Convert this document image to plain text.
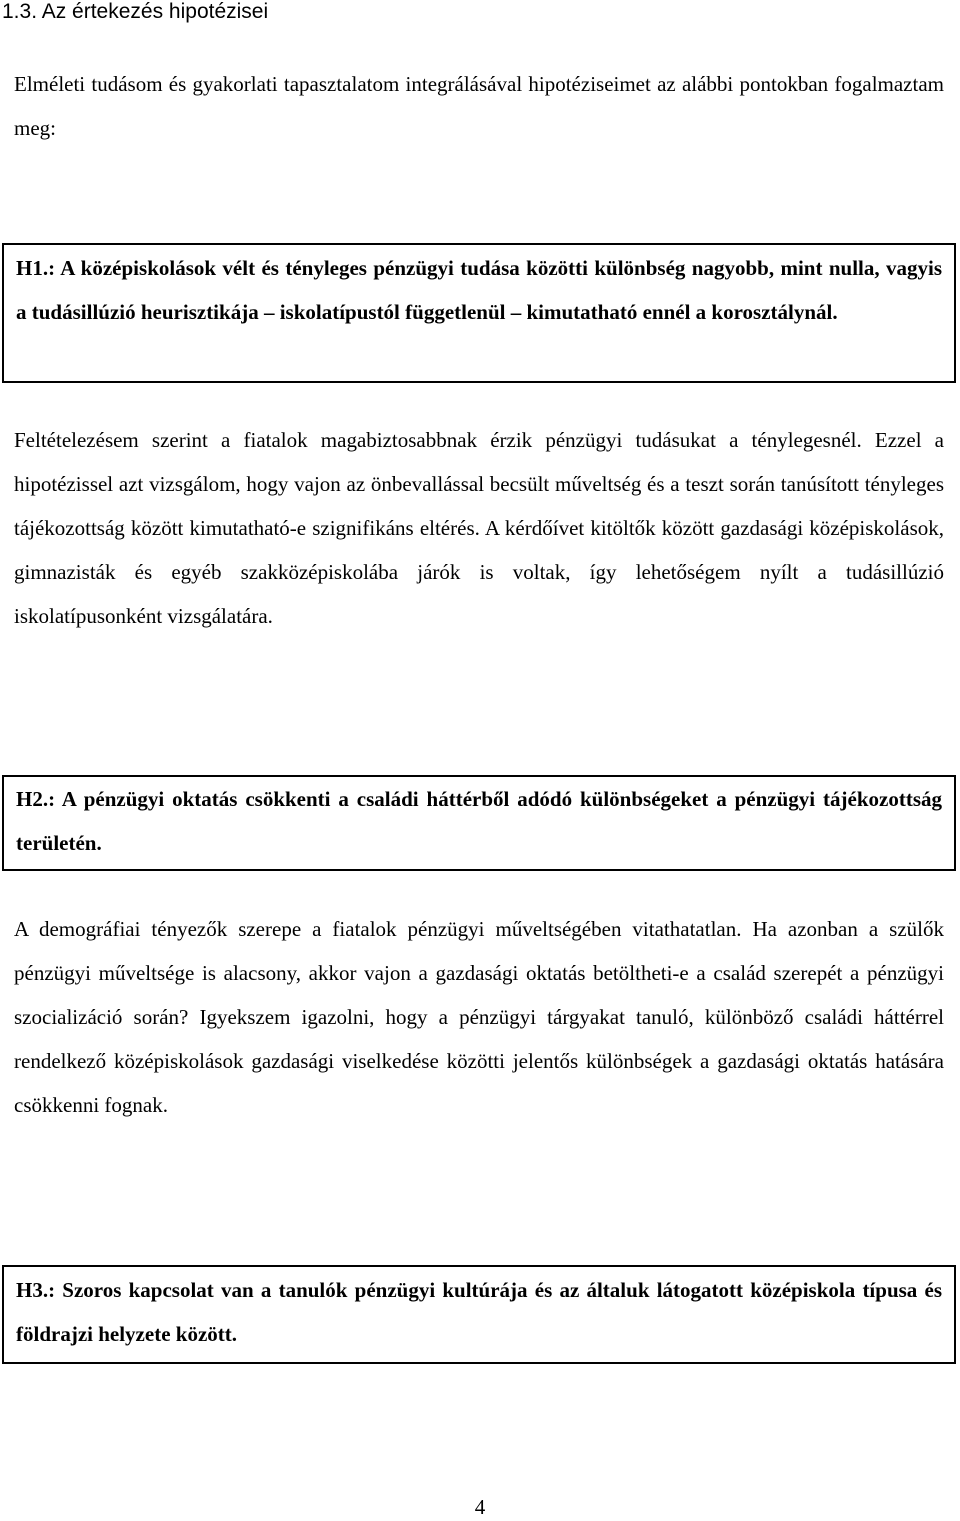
1.3. Az értekezés hipotézisei

Elméleti tudásom és gyakorlati tapasztalatom integrálásával hipotéziseimet az alábbi pontokban fogalmaztam meg:

H1.: A középiskolások vélt és tényleges pénzügyi tudása közötti különbség nagyobb, mint nulla, vagyis a tudásillúzió heurisztikája – iskolatípustól függetlenül – kimutatható ennél a korosztálynál.

Feltételezésem szerint a fiatalok magabiztosabbnak érzik pénzügyi tudásukat a ténylegesnél. Ezzel a hipotézissel azt vizsgálom, hogy vajon az önbevallással becsült műveltség és a teszt során tanúsított tényleges tájékozottság között kimutatható-e szignifikáns eltérés. A kérdőívet kitöltők között gazdasági középiskolások, gimnazisták és egyéb szakközépiskolába járók is voltak, így lehetőségem nyílt a tudásillúzió iskolatípusonként vizsgálatára.

H2.: A pénzügyi oktatás csökkenti a családi háttérből adódó különbségeket a pénzügyi tájékozottság területén.

A demográfiai tényezők szerepe a fiatalok pénzügyi műveltségében vitathatatlan. Ha azonban a szülők pénzügyi műveltsége is alacsony, akkor vajon a gazdasági oktatás betöltheti-e a család szerepét a pénzügyi szocializáció során? Igyekszem igazolni, hogy a pénzügyi tárgyakat tanuló, különböző családi háttérrel rendelkező középiskolások gazdasági viselkedése közötti jelentős különbségek a gazdasági oktatás hatására csökkenni fognak.

H3.: Szoros kapcsolat van a tanulók pénzügyi kultúrája és az általuk látogatott középiskola típusa és földrajzi helyzete között.

4
